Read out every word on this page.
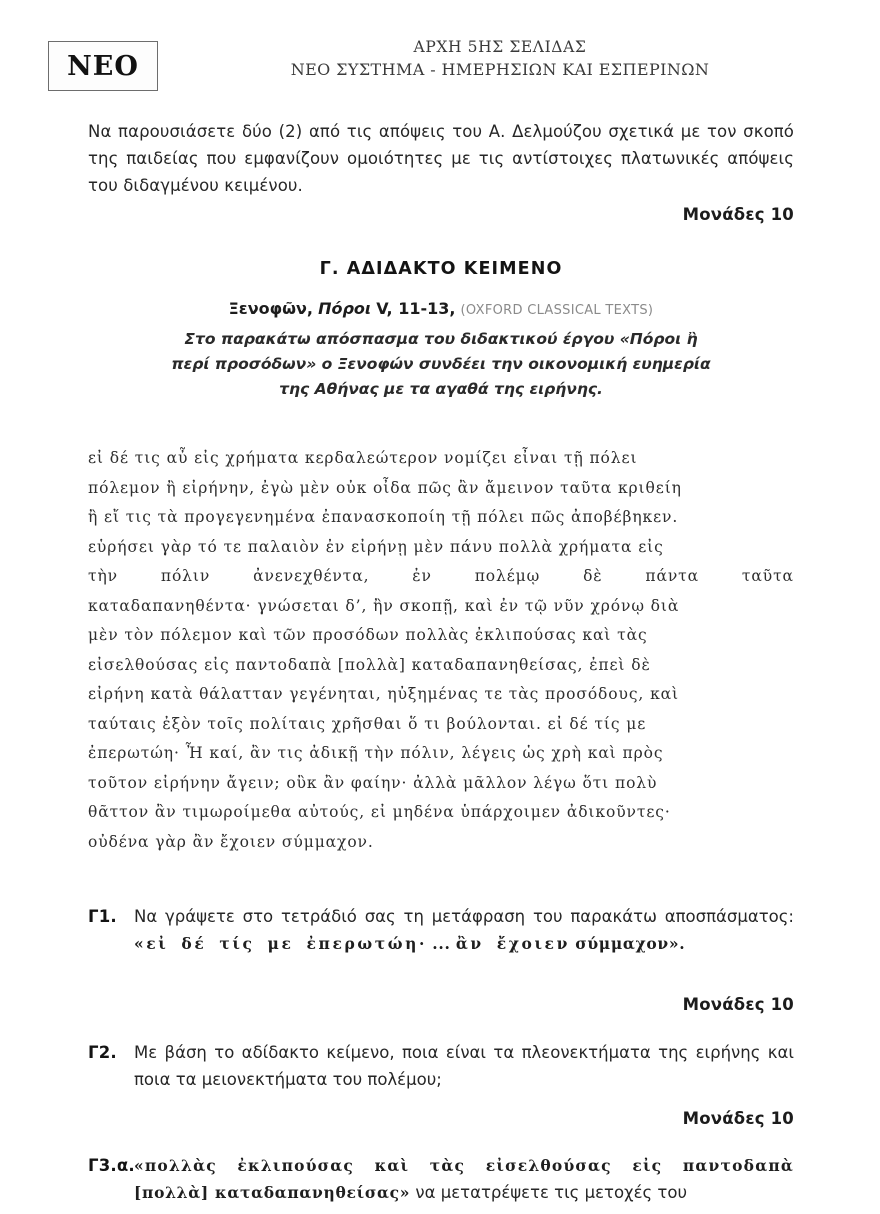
ΝΕΟ
ΑΡΧΗ 5ΗΣ ΣΕΛΙΔΑΣ
ΝΕΟ ΣΥΣΤΗΜΑ - ΗΜΕΡΗΣΙΩΝ ΚΑΙ ΕΣΠΕΡΙΝΩΝ
Να παρουσιάσετε δύο (2) από τις απόψεις του Α. Δελμούζου σχετικά με τον σκοπό της παιδείας που εμφανίζουν ομοιότητες με τις αντίστοιχες πλατωνικές απόψεις του διδαγμένου κειμένου.
Μονάδες 10
Γ. ΑΔΙΔΑΚΤΟ ΚΕΙΜΕΝΟ
Ξενοφῶν, Πόροι V, 11-13, (OXFORD CLASSICAL TEXTS)
Στο παρακάτω απόσπασμα του διδακτικού έργου «Πόροι ἢ
περί προσόδων» ο Ξενοφών συνδέει την οικονομική ευημερία
της Αθήνας με τα αγαθά της ειρήνης.
εἰ δέ τις αὖ εἰς χρήματα κερδαλεώτερον νομίζει εἶναι τῇ πόλει
πόλεμον ἢ εἰρήνην, ἐγὼ μὲν οὐκ οἶδα πῶς ἂν ἄμεινον ταῦτα κριθείη
ἢ εἴ τις τὰ προγεγενημένα ἐπανασκοποίη τῇ πόλει πῶς ἀποβέβηκεν.
εὑρήσει γὰρ τό τε παλαιὸν ἐν εἰρήνῃ μὲν πάνυ πολλὰ χρήματα εἰς
τὴν	πόλιν	ἀνενεχθέντα,	ἐν	πολέμῳ	δὲ	πάντα	ταῦτα
καταδαπανηθέντα· γνώσεται δ’, ἢν σκοπῇ, καὶ ἐν τῷ νῦν χρόνῳ διὰ
μὲν τὸν πόλεμον καὶ τῶν προσόδων πολλὰς ἐκλιπούσας καὶ τὰς
εἰσελθούσας εἰς παντοδαπὰ [πολλὰ] καταδαπανηθείσας, ἐπεὶ δὲ
εἰρήνη κατὰ θάλατταν γεγένηται, ηὐξημένας τε τὰς προσόδους, καὶ
ταύταις ἐξὸν τοῖς πολίταις χρῆσθαι ὅ τι βούλονται. εἰ δέ τίς με
ἐπερωτώη· Ἦ καί, ἂν τις ἀδικῇ τὴν πόλιν, λέγεις ὡς χρὴ καὶ πρὸς
τοῦτον εἰρήνην ἄγειν; οὒκ ἂν φαίην· ἀλλὰ μᾶλλον λέγω ὅτι πολὺ
θᾶττον ἂν τιμωροίμεθα αὐτούς, εἰ μηδένα ὑπάρχοιμεν ἀδικοῦντες·
οὐδένα γὰρ ἂν ἔχοιεν σύμμαχον.
Γ1. Να γράψετε στο τετράδιό σας τη μετάφραση του παρακάτω αποσπάσματος: «εἰ δέ τίς με ἐπερωτώη· ... ἂν ἔχοιεν σύμμαχον».
Μονάδες 10
Γ2. Με βάση το αδίδακτο κείμενο, ποια είναι τα πλεονεκτήματα της ειρήνης και ποια τα μειονεκτήματα του πολέμου;
Μονάδες 10
Γ3.α. «πολλὰς ἐκλιπούσας καὶ τὰς εἰσελθούσας εἰς παντοδαπὰ [πολλὰ] καταδαπανηθείσας» να μετατρέψετε τις μετοχές του
